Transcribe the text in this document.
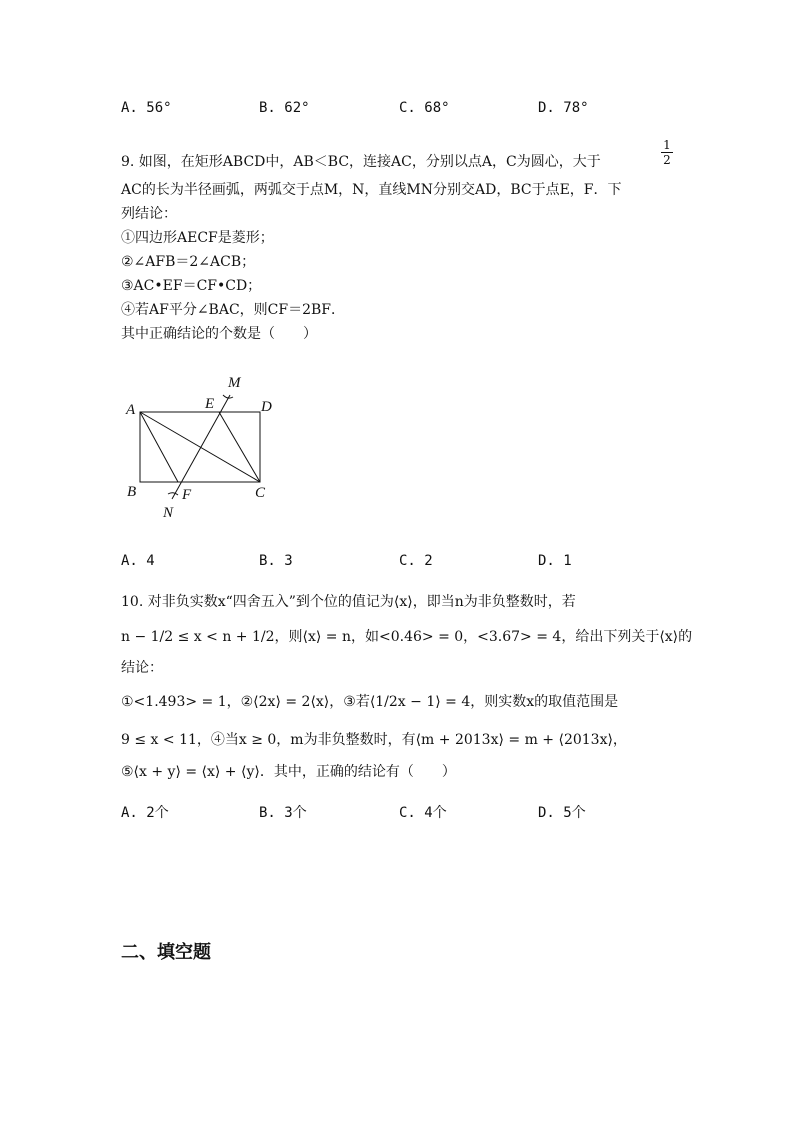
A. 56°	B. 62°	C. 68°	D. 78°
9. 如图，在矩形ABCD中，AB＜BC，连接AC，分别以点A，C为圆心，大于	$\frac{1}{2}$
AC的长为半径画弧，两弧交于点M，N，直线MN分别交AD，BC于点E，F．下
列结论：
①四边形AECF是菱形；
②∠AFB＝2∠ACB；
③AC•EF＝CF•CD；
④若AF平分∠BAC，则CF＝2BF．
其中正确结论的个数是（　　）
A
B	C
D
E
F
M
N
A. 4	B. 3	C. 2	D. 1
10. 对非负实数x“四舍五入”到个位的值记为⟨x⟩，即当n为非负整数时，若
n − 1/2 ≤ x < n + 1/2，则⟨x⟩ = n，如<0.46> = 0，<3.67> = 4，给出下列关于⟨x⟩的
结论：
①<1.493> = 1，②⟨2x⟩ = 2⟨x⟩，③若⟨1/2x − 1⟩ = 4，则实数x的取值范围是
9 ≤ x < 11，④当x ≥ 0，m为非负整数时，有⟨m + 2013x⟩ = m + ⟨2013x⟩，
⑤⟨x + y⟩ = ⟨x⟩ + ⟨y⟩．其中，正确的结论有（　　）
A. 2个	B. 3个	C. 4个	D. 5个
二、填空题
